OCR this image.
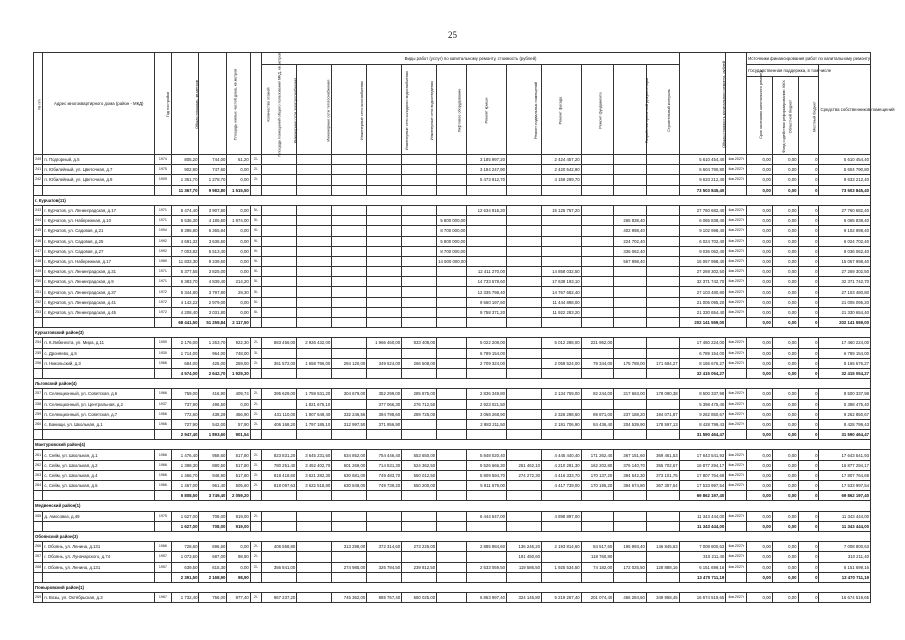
25
№ п/п	Адрес многоквартирного дома (район - МКД)	Год постройки	Общая площадь, кв.метров	Площадь жилых частей дома, кв.метров	Площадь помещений общего пользования МКД, кв.метров	Количество этажей	Виды работ (услуг) по капитальному ремонту, стоимость (рублей)												Общая стоимость капитального ремонта, рублей	Срок окончания капитального ремонта	Источники финансирования работ по капитальному ремонту			
							Инженерные сети электроснабжения	Инженерные сети теплоснабжения	Инженерные сети газоснабжения	Инженерные сети холодного водоснабжения	Инженерные сети водоотведения	Лифтовое оборудование	Ремонт крыши	Ремонт подвальных помещений	Ремонт фасада	Ремонт фундамента	Разработка проектной документации	Строительный контроль			Государственная поддержка, в том числе			Средства собственников помещений
																					Фонд содействия реформированию ЖКХ	Областной бюджет	Местный бюджет	
249	п. Подгорный, д.5	1974	805,20	744,00	61,20	2/-							3 185 997,20		2 424 457,20				5 610 454,40	4кв.2027г	0,00	0,00	0	5 610 454,40
241	п. Юбилейный, ул. Цветочная, д.7	1975	902,90	747,60	0,00	2/-							3 184 247,90		2 420 542,90				5 604 790,80	4кв.2027г	0,00	0,00	0	5 604 790,80
242	п. Юбилейный, ул. Цветочная, д.9	1909	1 361,70	1 278,70	0,00	2/-							5 473 912,70		4 159 299,70				9 633 212,40	4кв.2027г	0,00	0,00	0	9 633 212,40
			11 367,70	9 982,80	1 515,50														73 503 845,40		0,00	0,00	0	73 503 845,40
г. Курчатов(11)																								
243	г. Курчатов, ул. Ленинградская, д.17	1971	5 474,40	3 907,50	0,00	5/-							12 634 915,20		15 125 767,20				27 760 682,40	4кв.2027г	0,00	0,00	0	27 760 682,40
244	г. Курчатов, ул. Набережная, д.10	1971	5 536,30	4 185,50	1 974,00	5/-						5 800 000,00					265 838,40		6 065 838,40	4кв.2027г	0,00	0,00	0	6 065 838,40
245	г. Курчатов, ул. Садовая, д.21	1994	8 395,80	6 365,84	0,00	9/-						8 700 000,00					402 998,40		9 102 998,40	4кв.2027г	0,00	0,00	0	9 102 998,40
246	г. Курчатов, ул. Садовая, д.25	1992	4 681,32	3 636,50	0,00	9/-						5 800 000,00					224 702,40		6 024 702,40	4кв.2027г	0,00	0,00	0	6 024 702,40
247	г. Курчатов, ул. Садовая, д.27	1992	7 003,82	5 513,40	0,00	9/-						8 700 000,00					336 062,40		9 036 062,40	4кв.2027г	0,00	0,00	0	9 036 062,40
248	г. Курчатов, ул. Набережная, д.17	1989	11 833,30	9 239,50	0,00	9/-						14 500 000,00					567 998,40		15 067 998,40	4кв.2027г	0,00	0,00	0	15 067 998,40
249	г. Курчатов, ул. Ленинградская, д.31	1971	5 377,55	3 825,00	0,00	5/-							12 411 270,00		14 858 032,50				27 269 302,50	4кв.2027г	0,00	0,00	0	27 269 302,50
250	г. Курчатов, ул. Ленинградская, д.9	1971	6 383,70	4 839,40	214,20	5/-							14 733 578,60		17 638 193,10				32 371 742,70	4кв.2027г	0,00	0,00	0	32 371 742,70
251	г. Курчатов, ул. Ленинградская, д.37	1972	5 344,80	3 797,80	29,30	5/-							12 335 798,40		14 767 682,40				27 103 480,80	4кв.2027г	0,00	0,00	0	27 103 480,80
252	г. Курчатов, ул. Ленинградская, д.41	1972	4 142,22	2 979,00	0,00	5/-							9 560 197,60		11 444 898,00				21 005 095,20	4кв.2027г	0,00	0,00	0	21 005 095,20
253	г. Курчатов, ул. Ленинградская, д.45	1972	4 208,40	3 031,80	0,00	5/-							9 758 371,20		11 922 283,20				21 330 654,40	4кв.2027г	0,00	0,00	0	21 330 654,40
			68 441,50	51 259,84	2 117,50														202 141 559,00		0,00	0,00	0	202 141 559,00
Курчатовский район(3)																								
254	п. К.Либкнехта, ул. Мира, д.11	1959	2 176,00	1 253,70	922,30	2/-	883 456,00	2 926 432,00		1 966 460,00	833 408,00		5 022 208,00		5 012 288,00	221 952,00			17 460 224,00	4кв.2027г	0,00	0,00	0	17 460 224,00
255	с. Дроняево, д.5	1930	1 714,00	964,00	748,00	3/-							6 789 154,00						6 789 154,00	4кв.2027г	0,00	0,00	0	6 789 154,00
256	п. Никольский, д.3	1966	684,00	425,00	259,00	2/-	361 572,00	1 658 796,00	294 120,00	349 524,00	266 508,00		2 709 324,00		2 059 524,00	79 344,00	175 788,00	171 684,27	8 165 676,27	4кв.2027г	0,00	0,00	0	8 165 676,27
			4 574,00	2 642,70	1 929,30														32 415 054,27		0,00	0,00	0	32 415 054,27
Льговский район(4)																								
257	п. Селекционный, ул. Советская, д.6	1966	759,00	416,90	409,74	2/-	395 629,00	1 759 531,20	304 679,00	352 299,00	285 875,00		2 836 349,80		2 134 759,00	82 244,00	217 663,00	178 090,38	8 500 337,98	4кв.2027г	0,00	0,00	0	8 500 337,98
258	п. Селекционный, ул. Центральная, д.2	1937	737,90	496,50	0,00	2/-		1 821 675,10		377 066,30	276 712,50		2 923 021,50						5 398 475,40	4кв.2027г	0,00	0,00	0	5 398 475,40
259	п. Селекционный, ул. Советская, д.7	1966	772,60	438,29	456,90	2/-	431 110,00	1 907 549,40	332 246,56	394 798,60	289 725,00		3 068 268,90		2 326 298,60	89 871,00	237 188,20	194 071,87	9 262 850,67	4кв.2027г	0,00	0,00	0	9 262 850,67
260	с. Банищи, ул. Школьная, д.1	1966	727,90	542,00	57,90	2/-	406 168,20	1 797 185,10	312 997,50	371 956,90			2 883 211,50		2 191 706,90	84 436,40	204 539,90	178 597,13	8 428 799,43	4кв.2027г	0,00	0,00	0	8 428 799,43
			2 947,40	1 893,60	901,54														31 590 464,47		0,00	0,00	0	31 590 464,47
Мантуровский район(4)																								
261	с. Сейм, ул. Школьная, д.1	1966	1 476,40	958,60	517,80	2/-	823 831,20	3 645 231,60	634 852,00	754 446,40	553 650,00		5 848 020,40		4 445 440,40	171 262,40	367 151,60	369 461,53	17 643 541,93	4кв.2027г	0,00	0,00	0	17 643 541,93
262	с. Сейм, ул. Школьная, д.2	1966	1 398,30	880,50	517,80	2/-	780 251,40	3 452 402,70	601 269,00	714 531,30	524 362,50		5 526 666,30	251 462,10	4 210 281,30	162 202,80	376 140,70	355 702,67	16 877 294,17	4кв.2027г	0,00	0,00	0	16 877 294,17
263	с. Сейм, ул. Школьная, д.4	1966	1 466,70	948,90	517,80	2/-	818 418,60	3 621 282,30	630 681,00	749 483,70	550 012,50		5 809 594,70	274 272,30	4 416 333,70	170 137,20	394 542,30	373 101,75	17 807 764,69	4кв.2027г	0,00	0,00	0	17 807 764,69
264	с. Сейм, ул. Школьная, д.5	1966	1 467,00	961,40	505,60	2/-	818 097,63	3 622 518,80	630 849,00	749 739,20	550 200,00		5 811 579,00		4 417 739,00	170 195,20	394 674,80	367 357,54	17 533 997,54	4кв.2027г	0,00	0,00	0	17 533 997,54
			5 808,50	3 749,40	2 059,20														69 862 197,40		0,00	0,00	0	69 862 197,40
Медвенский район(1)																								
265	д. Амосовка, д.49	1975	1 627,00	708,00	919,00	2/-							6 444 547,00		4 898 897,00				11 343 444,00	4кв.2027г	0,00	0,00	0	11 343 444,00
			1 627,00	708,00	919,00														11 343 444,00		0,00	0,00	0	11 343 444,00
Обоянский район(3)																								
266	г. Обоянь, ул. Ленина, д.131	1966	728,60	696,60	0,00	2/-	406 558,80		313 298,00	372 314,60	273 225,00		2 885 984,60	136 246,20	2 193 814,60	84 517,60	195 993,40	146 845,63	7 008 800,63	4кв.2027г	0,00	0,00	0	7 008 800,63
267	г. Обоянь, ул. Луначарского, д.74	1957	1 073,60	687,00	98,90	2/-								191 450,60		118 760,80			310 211,40	4кв.2027г	0,00	0,00	0	310 211,40
268	г. Обоянь, ул. Ленина, д.131	1957	639,50	615,30	0,00	2/-	356 841,00		274 985,00	326 784,50	239 812,50		2 533 059,50	119 586,50	1 925 534,50	74 182,00	172 025,50	128 888,16	6 151 699,16	4кв.2027г	0,00	0,00	0	6 151 699,16
			2 391,50	2 168,90	98,90														13 470 711,19		0,00	0,00	0	13 470 711,19
Поныровский район(1)																								
269	п. Возы, ул. Октябрьская, д.3	1967	1 732,40	756,00	977,40	2/-	967 237,20		745 362,00	885 767,40	650 025,00		6 863 997,40	324 145,80	5 219 267,40	201 074,40	466 284,60	349 958,45	16 674 519,65	4кв.2027г	0,00	0,00	0	16 674 519,65
